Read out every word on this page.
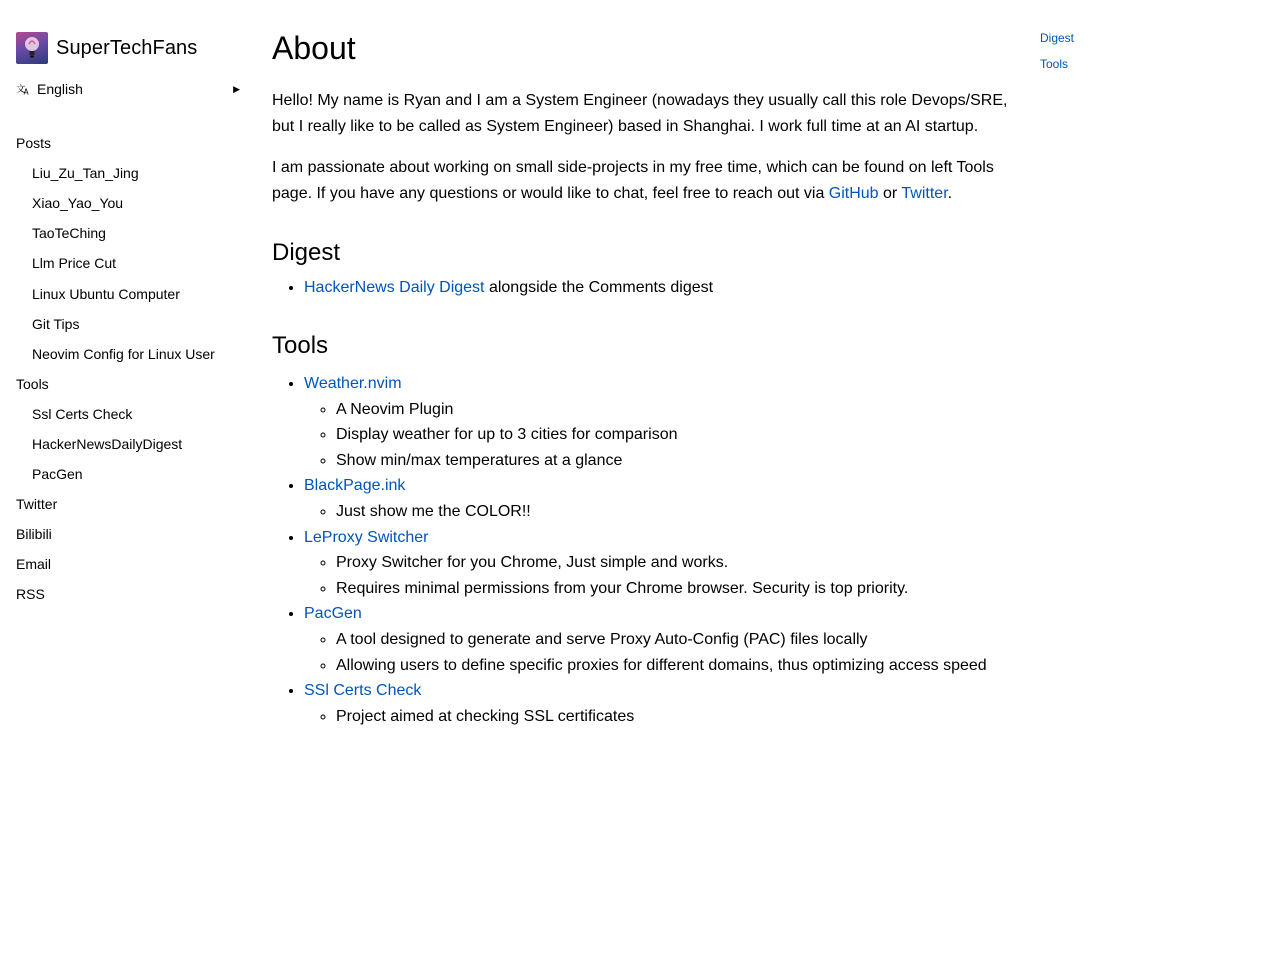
SuperTechFans
文
A English	▶
Posts
Liu_Zu_Tan_Jing
Xiao_Yao_You
TaoTeChing
Llm Price Cut
Linux Ubuntu Computer
Git Tips
Neovim Config for Linux User
Tools
Ssl Certs Check
HackerNewsDailyDigest
PacGen
Twitter
Bilibili
Email
RSS
About

Hello! My name is Ryan and I am a System Engineer (nowadays they usually call this role Devops/SRE, but I really like to be called as System Engineer) based in Shanghai. I work full time at an AI startup.

I am passionate about working on small side-projects in my free time, which can be found on left Tools page. If you have any questions or would like to chat, feel free to reach out via GitHub or Twitter.

Digest
• HackerNews Daily Digest alongside the Comments digest
Tools
• Weather.nvim
◦ A Neovim Plugin
◦ Display weather for up to 3 cities for comparison
◦ Show min/max temperatures at a glance
• BlackPage.ink
◦ Just show me the COLOR!!
• LeProxy Switcher
◦ Proxy Switcher for you Chrome, Just simple and works.
◦ Requires minimal permissions from your Chrome browser. Security is top priority.
• PacGen
◦ A tool designed to generate and serve Proxy Auto-Config (PAC) files locally
◦ Allowing users to define specific proxies for different domains, thus optimizing access speed
• SSl Certs Check
◦ Project aimed at checking SSL certificates
Digest
Tools
